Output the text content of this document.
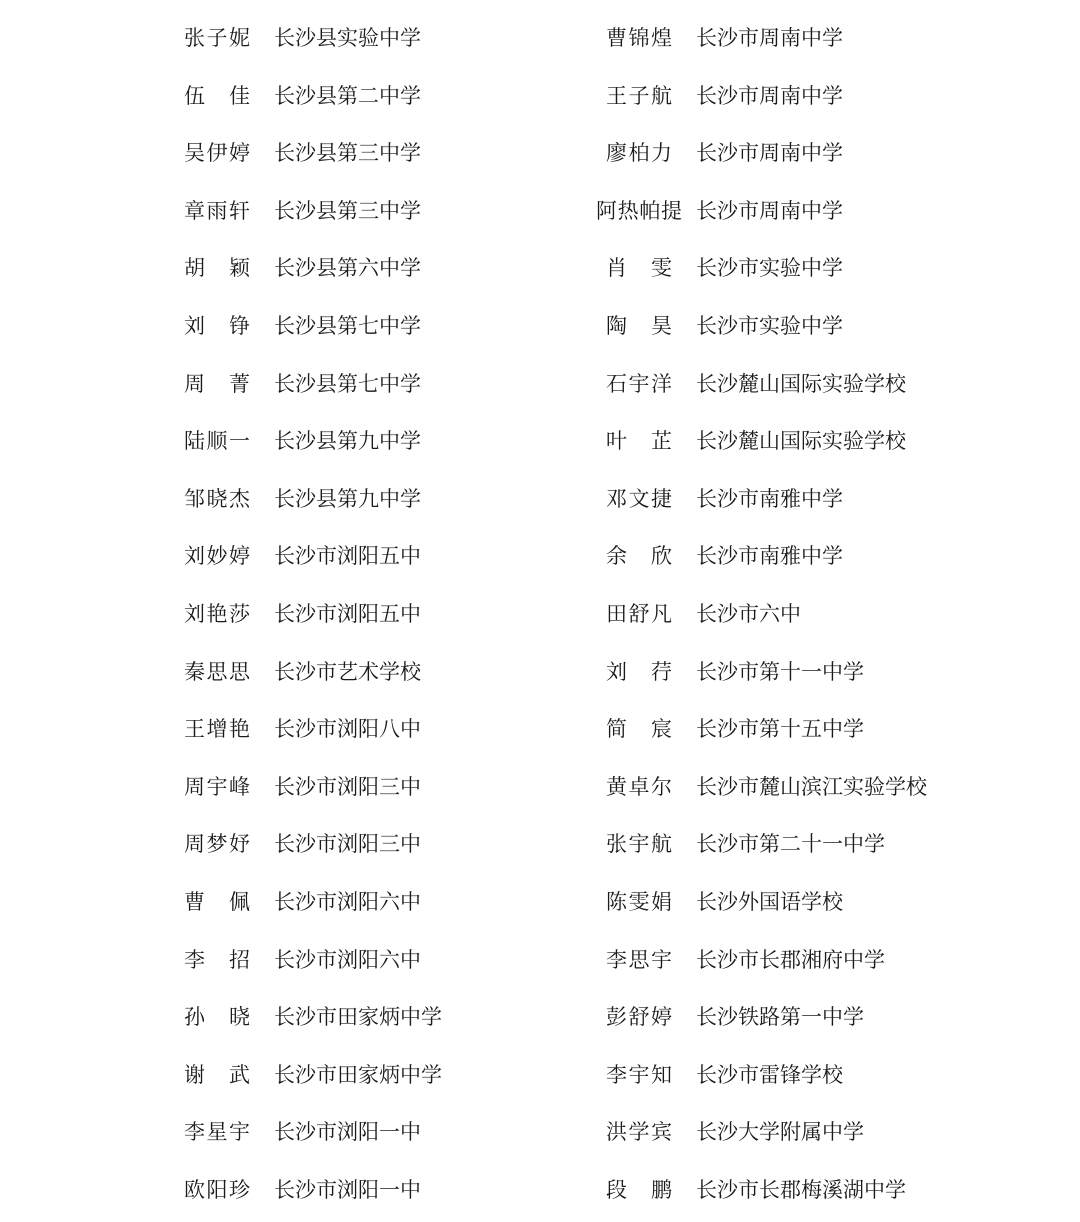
张子妮 长沙县实验中学	曹锦煌 长沙市周南中学
伍佳 长沙县第二中学	王子航 长沙市周南中学
吴伊婷 长沙县第三中学	廖柏力 长沙市周南中学
章雨轩 长沙县第三中学	阿热帕提 长沙市周南中学
胡颖 长沙县第六中学	肖雯 长沙市实验中学
刘铮 长沙县第七中学	陶昊 长沙市实验中学
周菁 长沙县第七中学	石宇洋 长沙麓山国际实验学校
陆顺一 长沙县第九中学	叶芷 长沙麓山国际实验学校
邹晓杰 长沙县第九中学	邓文捷 长沙市南雅中学
刘妙婷 长沙市浏阳五中	余欣 长沙市南雅中学
刘艳莎 长沙市浏阳五中	田舒凡 长沙市六中
秦思思 长沙市艺术学校	刘荇 长沙市第十一中学
王增艳 长沙市浏阳八中	简宸 长沙市第十五中学
周宇峰 长沙市浏阳三中	黄卓尔 长沙市麓山滨江实验学校
周梦妤 长沙市浏阳三中	张宇航 长沙市第二十一中学
曹佩 长沙市浏阳六中	陈雯娟 长沙外国语学校
李招 长沙市浏阳六中	李思宇 长沙市长郡湘府中学
孙晓 长沙市田家炳中学	彭舒婷 长沙铁路第一中学
谢武 长沙市田家炳中学	李宇知 长沙市雷锋学校
李星宇 长沙市浏阳一中	洪学宾 长沙大学附属中学
欧阳珍 长沙市浏阳一中	段鹏 长沙市长郡梅溪湖中学
